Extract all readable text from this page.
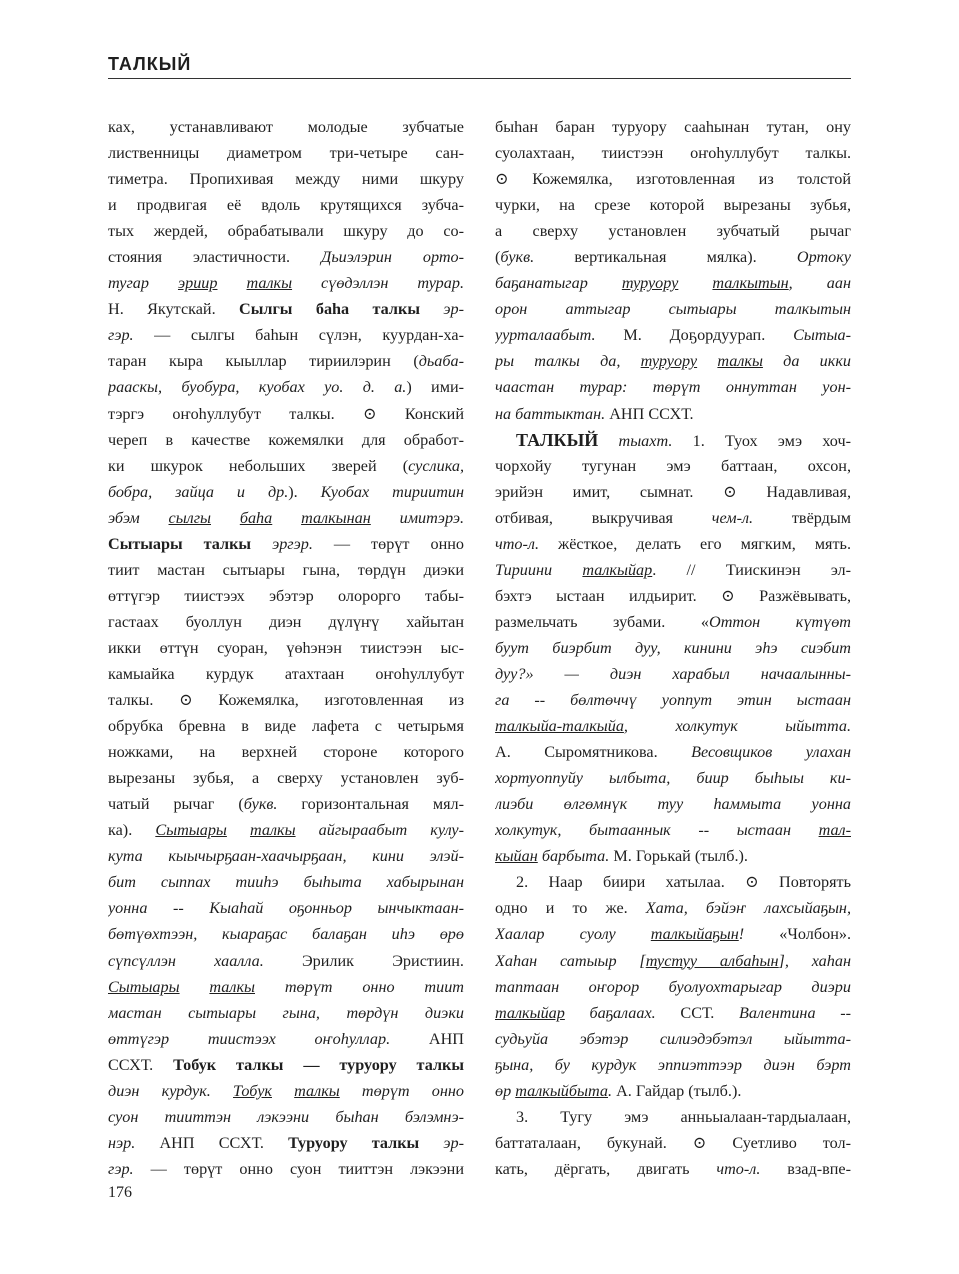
ТАЛКЫЙ
каx, устанавливают молодые зубчатые
лиственницы диаметром три-четыре сан-
тиметра. Пропихивая между ними шкуру
и продвигая её вдоль крутящихся зубча-
тых жердей, обрабатывали шкуру до со-
стояния эластичности. Дьиэлэрин орто-
тугар эриир талкы сүөдэллэн турар.
Н. Якутскай. Сылгы баhа талкы эр-
гэр. — сылгы баhын сүлэн, куурдан-ха-
таран кыра кыыллар тириилэрин (дьаба-
рааскы, буобура, куобах уо. д. а.) ими-
тэргэ оҥоhуллубут талкы. ⊙ Конский
череп в качестве кожемялки для обработ-
ки шкурок небольших зверей (суслика,
бобра, зайца и др.). Куобах тириитин
эбэм сылгы баhа талкынан имитэрэ.
Сытыары талкы эргэр. — төрүт онно
тиит мастан сытыары гына, төрдүн диэки
өттүгэр тиистээх эбэтэр олорорго табы-
гастаах буоллун диэн дүлүҥү хайытан
икки өттүн суоран, үөhэнэн тиистээн ыс-
камыайка курдук атахтаан оҥоhуллубут
талкы. ⊙ Кожемялка, изготовленная из
обрубка бревна в виде лафета с четырьмя
ножками, на верхней стороне которого
вырезаны зубья, а сверху установлен зуб-
чатый рычаг (букв. горизонтальная мял-
ка). Сытыары талкы айгыраабыт кулу-
кута кыычырҕаан-хаачырҕаан, кини элэй-
бит сыппах тииhэ быhыта хабырынан
уонна -- Кыаhай оҕонньор ынчыктаан-
бөтүөхтээн, кыараҕас балаҕан иhэ өрө
сүпсүллэн хаалла. Эрилик Эристиин.
Сытыары талкы төрүт онно тиит
мастан сытыары гына, төрдүн диэки
өттүгэр тиистээх оҥоhуллар. АНП
ССХТ. Тобук талкы — туруору талкы
диэн курдук. Тобук талкы төрүт онно
суон тииттэн лэкээни быhан бэлэмнэ-
нэр. АНП ССХТ. Туруору талкы эр-
гэр. — төрүт онно суон тииттэн лэкээни
быhан баран туруору сааhынан тутан, ону
суолахтаан, тиистээн оҥоhуллубут талкы.
⊙ Кожемялка, изготовленная из толстой
чурки, на срезе которой вырезаны зубья,
а сверху установлен зубчатый рычаг
(букв. вертикальная мялка). Ортоку
баҕанатыгар туруору талкытын, аан
орон аттыгар сытыары талкытын
уурталаабыт. М. Доҕордуурап. Сытыа-
ры талкы да, туруору талкы да икки
чаастан турар: төрүт оннуттан уон-
на баттыктан. АНП ССХТ.
ТАЛКЫЙ тыахт. 1. Туох эмэ хоч-
чорхойу тугунан эмэ баттаан, охсон,
эрийэн имит, сымнат. ⊙ Надавливая,
отбивая, выкручивая чем-л. твёрдым
что-л. жёсткое, делать его мягким, мять.
Тириини талкыйар. // Тиискинэн эл-
бэхтэ ыстаан илдьирит. ⊙ Разжёвывать,
размельчать зубами. «Оттон күтүөт
буут биэрбит дуу, кинини эhэ сиэбит
дуу?» — диэн харабыл начаалынны-
га -- бөлтөччү уоппут этин ыстаан
талкыйа-талкыйа, холкутук ыйытта.
А. Сыромятникова. Весовщиков улахан
хортуоппуйу ылбыта, биир быhыы ки-
лиэби өлгөмнүк туу hаммыта уонна
холкутук, бытааннык -- ыстаан тал-
кыйан барбыта. М. Горькай (тылб.).
2. Наар биири хатылаа. ⊙ Повторять
одно и то же. Хата, бэйэҥ лахсыйаҕын,
Хаалар суолу талкыйаҕын! «Чолбон».
Хаhан сатыыр [тустуу албаhын], хаhан
таптаан оҥорор буолуохтарыгар диэри
талкыйар баҕалаах. ССТ. Валентина --
судьуйа эбэтэр силиэдэбэтэл ыйытта-
ҕына, бу курдук эппиэттээр диэн бэрт
өр талкыйбыта. А. Гайдар (тылб.).
3. Тугу эмэ анньыалаан-тардыалаан,
баттаталаан, букунай. ⊙ Суетливо тол-
кать, дёргать, двигать что-л. взад-впе-
176
